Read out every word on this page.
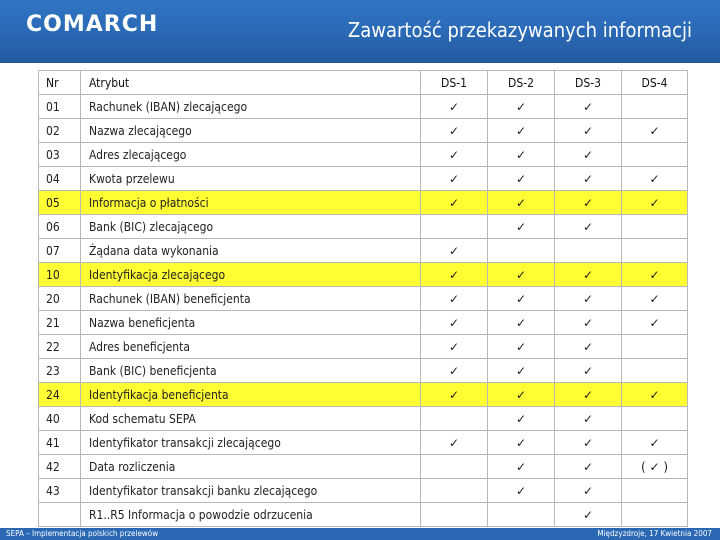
COMARCH	Zawartość przekazywanych informacji
Nr	Atrybut	DS-1	DS-2	DS-3	DS-4
01	Rachunek (IBAN) zlecającego	✓	✓	✓	
02	Nazwa zlecającego	✓	✓	✓	✓
03	Adres zlecającego	✓	✓	✓	
04	Kwota przelewu	✓	✓	✓	✓
05	Informacja o płatności	✓	✓	✓	✓
06	Bank (BIC) zlecającego		✓	✓	
07	Żądana data wykonania	✓			
10	Identyfikacja zlecającego	✓	✓	✓	✓
20	Rachunek (IBAN) beneficjenta	✓	✓	✓	✓
21	Nazwa beneficjenta	✓	✓	✓	✓
22	Adres beneficjenta	✓	✓	✓	
23	Bank (BIC) beneficjenta	✓	✓	✓	
24	Identyfikacja beneficjenta	✓	✓	✓	✓
40	Kod schematu SEPA		✓	✓	
41	Identyfikator transakcji zlecającego	✓	✓	✓	✓
42	Data rozliczenia		✓	✓	( ✓ )
43	Identyfikator transakcji banku zlecającego		✓	✓	
	R1..R5 Informacja o powodzie odrzucenia			✓	
SEPA – Implementacja polskich przelewów	Międzyzdroje, 17 Kwietnia 2007
